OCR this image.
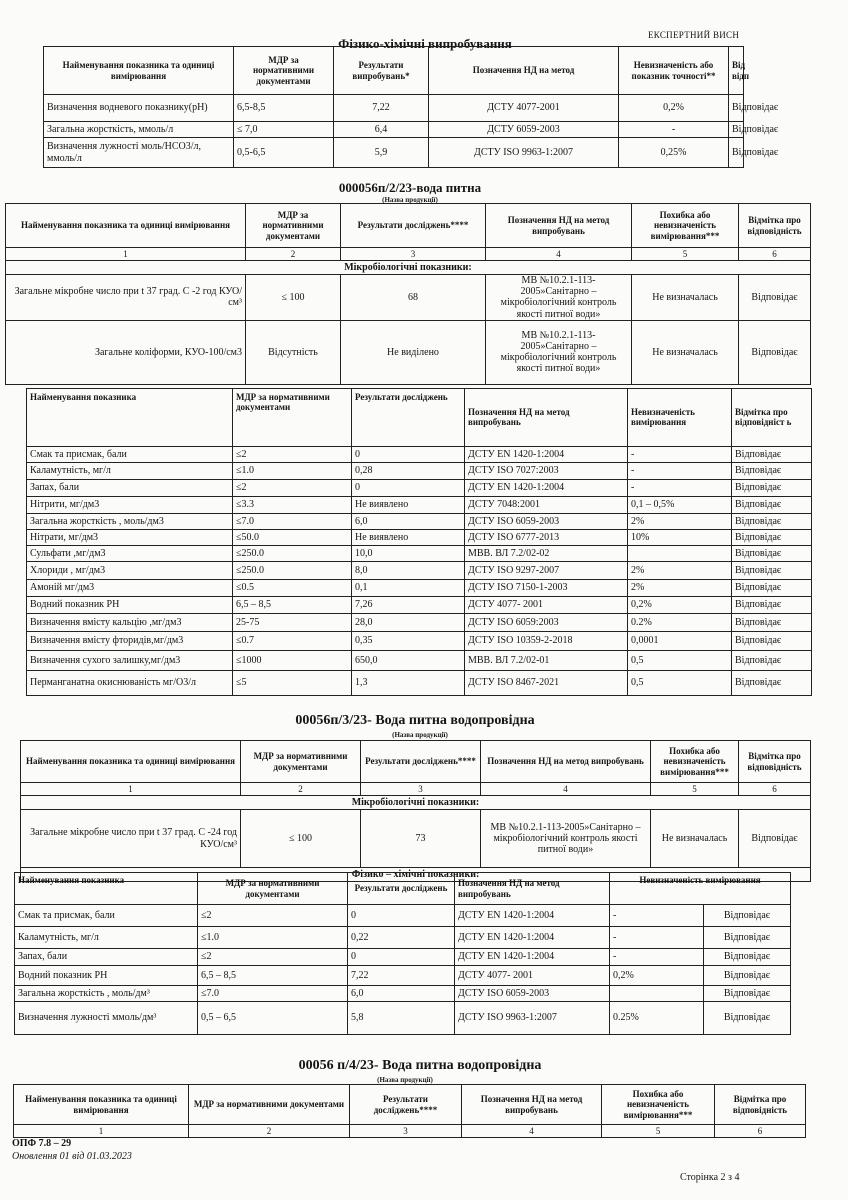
ЕКСПЕРТНИЙ ВИСН
Фізико-хімічні випробування
Найменування показника та одиниці вимірювання	МДР за нормативними документами	Результати випробувань*	Позначення НД на метод	Невизначеність або показник точності**	Від відп
Визначення водневого показнику(рН)	6,5-8,5	7,22	ДСТУ 4077-2001	0,2%	Відповідає
Загальна жорсткість, ммоль/л	≤ 7,0	6,4	ДСТУ 6059-2003	-	Відповідає
Визначення лужності моль/НСО3/л, ммоль/л	0,5-6,5	5,9	ДСТУ ISO 9963-1:2007	0,25%	Відповідає
000056п/2/23-вода питна
(Назва продукції)
Найменування показника та одиниці вимірювання	МДР за нормативними документами	Результати досліджень****	Позначення НД на метод випробувань	Похибка або невизначеність вимірювання***	Відмітка про відповідність
1	2	3	4	5	6
Мікробіологічні показники:					
Загальне мікробне число при t 37 град. С -2 год КУО/см³	≤ 100	68	МВ №10.2.1-113-2005»Санітарно – мікробіологічний контроль якості питної води»	Не визначалась	Відповідає
Загальне коліформи, КУО-100/см3	Відсутність	Не виділено	МВ №10.2.1-113-2005»Санітарно – мікробіологічний контроль якості питної води»	Не визначалась	Відповідає
Найменування показника	МДР за нормативними документами	Результати досліджень	Позначення НД на метод випробувань	Невизначеність вимірювання	Відмітка про відповідніст ь
Смак та присмак, бали	≤2	0	ДСТУ EN 1420-1:2004	-	Відповідає
Каламутність, мг/л	≤1.0	0,28	ДСТУ ISO 7027:2003	-	Відповідає
Запах, бали	≤2	0	ДСТУ EN 1420-1:2004	-	Відповідає
Нітрити, мг/дм3	≤3.3	Не виявлено	ДСТУ 7048:2001	0,1 – 0,5%	Відповідає
Загальна жорсткість , моль/дм3	≤7.0	6,0	ДСТУ ISO 6059-2003	2%	Відповідає
Нітрати, мг/дм3	≤50.0	Не виявлено	ДСТУ ISO 6777-2013	10%	Відповідає
Сульфати ,мг/дм3	≤250.0	10,0	МВВ. ВЛ 7.2/02-02		Відповідає
Хлориди , мг/дм3	≤250.0	8,0	ДСТУ ISO 9297-2007	2%	Відповідає
Амоній мг/дм3	≤0.5	0,1	ДСТУ ISO 7150-1-2003	2%	Відповідає
Водний показник РН	6,5 – 8,5	7,26	ДСТУ 4077- 2001	0,2%	Відповідає
Визначення вмісту кальцію ,мг/дм3	25-75	28,0	ДСТУ ISO 6059:2003	0.2%	Відповідає
Визначення вмісту фторидів,мг/дм3	≤0.7	0,35	ДСТУ ISO 10359-2-2018	0,0001	Відповідає
Визначення сухого залишку,мг/дм3	≤1000	650,0	МВВ. ВЛ 7.2/02-01	0,5	Відповідає
Перманганатна окиснюваність мг/О3/л	≤5	1,3	ДСТУ ISO 8467-2021	0,5	Відповідає
00056п/3/23- Вода питна водопровідна
(Назва продукції)
Найменування показника та одиниці вимірювання	МДР за нормативними документами	Результати досліджень****	Позначення НД на метод випробувань	Похибка або невизначеність вимірювання***	Відмітка про відповідність
1	2	3	4	5	6
Мікробіологічні показники:					
Загальне мікробне число при t 37 град. С -24 год КУО/см³	≤ 100	73	МВ №10.2.1-113-2005»Санітарно – мікробіологічний контроль якості питної води»	Не визначалась	Відповідає
Фізико – хімічні показники:					
Найменування показника	МДР за нормативними документами	Результати досліджень	Позначення НД на метод випробувань	Невизначеність вимірювання	
Смак та присмак, бали	≤2	0	ДСТУ EN 1420-1:2004	-	Відповідає
Каламутність, мг/л	≤1.0	0,22	ДСТУ EN 1420-1:2004	-	Відповідає
Запах, бали	≤2	0	ДСТУ EN 1420-1:2004	-	Відповідає
Водний показник РН	6,5 – 8,5	7,22	ДСТУ 4077- 2001	0,2%	Відповідає
Загальна жорсткість , моль/дм³	≤7.0	6,0	ДСТУ ISO 6059-2003		Відповідає
Визначення лужності ммоль/дм³	0,5 – 6,5	5,8	ДСТУ ISO 9963-1:2007	0.25%	Відповідає
00056 п/4/23- Вода питна водопровідна
(Назва продукції)
Найменування показника та одиниці вимірювання	МДР за нормативними документами	Результати досліджень****	Позначення НД на метод випробувань	Похибка або невизначеність вимірювання***	Відмітка про відповідність
1	2	3	4	5	6
ОПФ 7.8 – 29
Оновлення 01 від 01.03.2023
Сторінка 2 з 4
